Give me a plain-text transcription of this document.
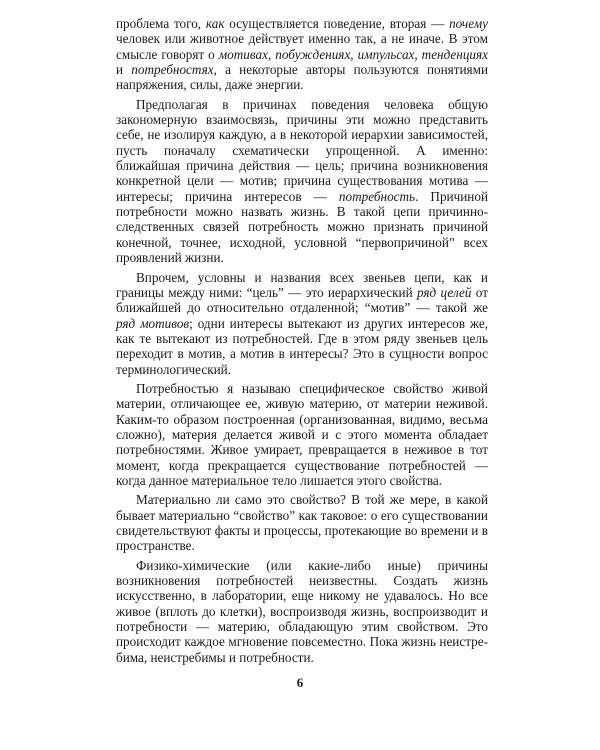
проблема того, как осуществляется поведение, вторая — почему человек или животное действует именно так, а не иначе. В этом смысле говорят о мотивах, побуждениях, импульсах, тенденциях и потребностях, а некоторые авторы пользуются понятиями напряжения, силы, даже энергии.

Предполагая в причинах поведения человека общую закономерную взаимосвязь, причины эти можно представить себе, не изолируя каждую, а в некоторой иерархии зависимостей, пусть поначалу схематически упрощенной. А именно: ближайшая причина действия — цель; причина возникновения конкретной цели — мотив; причина существования мотива — интересы; причина интересов — потребность. Причиной потребности можно назвать жизнь. В такой цепи причинно-следственных связей потребность можно признать причиной конечной, точнее, исходной, условной “первопричиной” всех проявлений жизни.

Впрочем, условны и названия всех звеньев цепи, как и границы между ними: “цель” — это иерархический ряд целей от ближайшей до относительно отдаленной; “мотив” — такой же ряд мотивов; одни интересы вытекают из других интересов же, как те вытекают из потребностей. Где в этом ряду звеньев цель переходит в мотив, а мотив в интересы? Это в сущности вопрос терминологический.

Потребностью я называю специфическое свойство живой материи, отличающее ее, живую материю, от материи неживой. Каким-то образом построенная (организованная, видимо, весьма сложно), материя делается живой и с этого момента обладает потребностями. Живое умирает, превращается в неживое в тот момент, когда прекращается существование потребностей — когда данное материальное тело лишается этого свойства.

Материально ли само это свойство? В той же мере, в какой бывает материально “свойство” как таковое: о его существовании свидетельствуют факты и процессы, протекающие во времени и в пространстве.

Физико-химические (или какие-либо иные) причины возникновения потребностей неизвестны. Создать жизнь искусственно, в лаборатории, еще никому не удавалось. Но все живое (вплоть до клетки), воспроизводя жизнь, воспроизводит и потребности — материю, обладающую этим свойством. Это происходит каждое мгновение повсеместно. Пока жизнь неистребима, неистребимы и потребности.

6
